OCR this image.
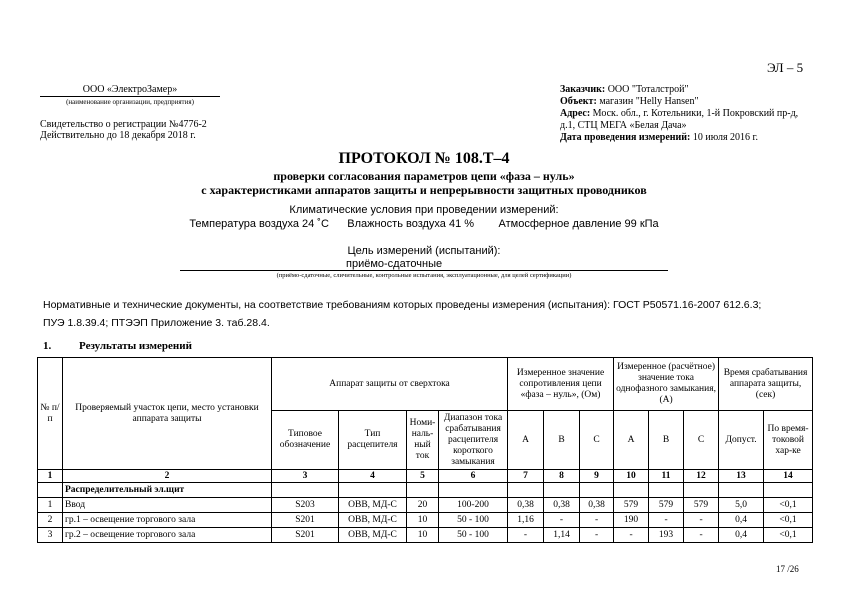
ЭЛ – 5
ООО «ЭлектроЗамер»
(наименование организации, предприятия)
Свидетельство о регистрации №4776-2
Действительно до 18 декабря 2018 г.
Заказчик: ООО "Тоталстрой"
Объект: магазин "Helly Hansen"
Адрес: Моск. обл., г. Котельники, 1-й Покровский пр-д,
д.1, СТЦ МЕГА «Белая Дача»
Дата проведения измерений: 10 июля 2016 г.
ПРОТОКОЛ № 108.Т–4
проверки согласования параметров цепи «фаза – нуль»
с характеристиками аппаратов защиты и непрерывности защитных проводников
Климатические условия при проведении измерений:
Температура воздуха 24 ˚С Влажность воздуха 41 % Атмосферное давление 99 кПа
Цель измерений (испытаний):
приёмо-сдаточные
(приёмо-сдаточные, сличительные, контрольные испытания, эксплуатационные, для целей сертификации)
Нормативные и технические документы, на соответствие требованиям которых проведены измерения (испытания): ГОСТ Р50571.16-2007 612.6.3;
ПУЭ 1.8.39.4; ПТЭЭП Приложение 3. таб.28.4.
1.	Результаты измерений
№ п/п	Проверяемый участок цепи, место установки аппарата защиты	Аппарат защиты от сверхтока				Измеренное значение сопротивления цепи «фаза – нуль», (Ом)			Измеренное (расчётное) значение тока однофазного замыкания, (А)			Время срабатывания аппарата защиты, (сек)	
		Типовое обозначение	Тип расцепителя	Номи-наль-ный ток	Диапазон тока срабатывания расцепителя короткого замыкания	A	B	C	A	B	C	Допуст.	По время-токовой хар-ке
1	2	3	4	5	6	7	8	9	10	11	12	13	14
	Распределительный эл.щит												
1	Ввод	S203	ОВВ, МД-С	20	100-200	0,38	0,38	0,38	579	579	579	5,0	<0,1
2	гр.1 – освещение торгового зала	S201	ОВВ, МД-С	10	50 - 100	1,16	-	-	190	-	-	0,4	<0,1
3	гр.2 – освещение торгового зала	S201	ОВВ, МД-С	10	50 - 100	-	1,14	-	-	193	-	0,4	<0,1
17 /26
